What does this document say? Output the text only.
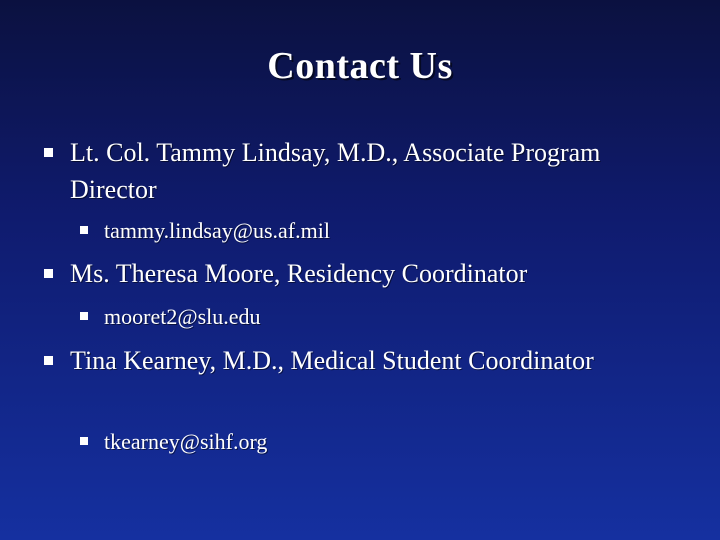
Contact Us
Lt. Col. Tammy Lindsay, M.D., Associate Program Director
tammy.lindsay@us.af.mil
Ms. Theresa Moore, Residency Coordinator
mooret2@slu.edu
Tina Kearney, M.D., Medical Student Coordinator
tkearney@sihf.org
